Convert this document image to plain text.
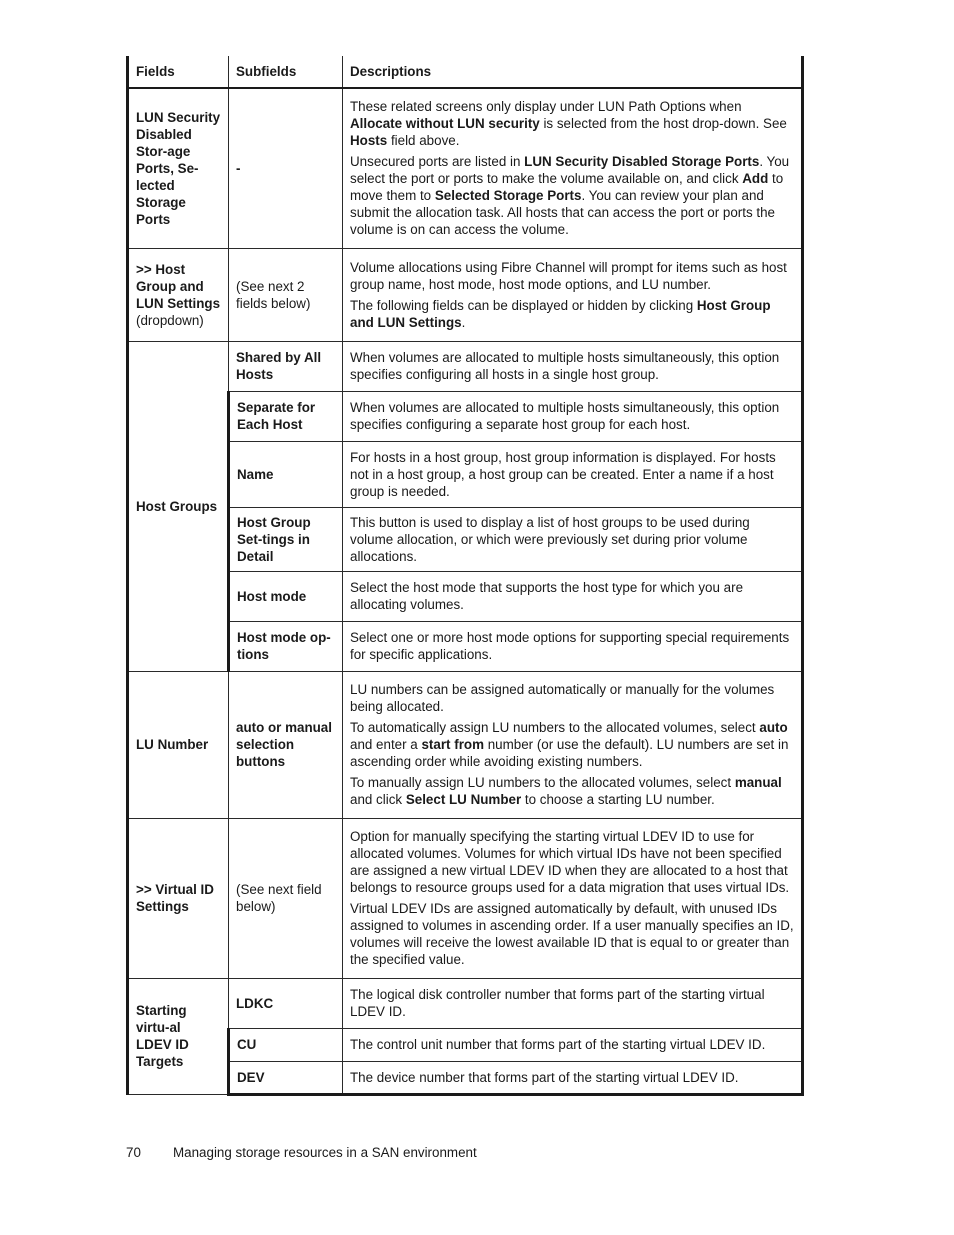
Fields	Subfields	Descriptions
LUN Security Disabled Stor-age Ports, Se-lected Storage Ports	-	These related screens only display under LUN Path Options when Allocate without LUN security is selected from the host drop-down. See Hosts field above.

Unsecured ports are listed in LUN Security Disabled Storage Ports. You select the port or ports to make the volume available on, and click Add to move them to Selected Storage Ports. You can review your plan and submit the allocation task. All hosts that can access the port or ports the volume is on can access the volume.

>> Host Group and LUN Settings (dropdown)	(See next 2 fields below)	Volume allocations using Fibre Channel will prompt for items such as host group name, host mode, host mode options, and LU number.

The following fields can be displayed or hidden by clicking Host Group and LUN Settings.

Host Groups	Shared by All Hosts	When volumes are allocated to multiple hosts simultaneously, this option specifies configuring all hosts in a single host group.
	Separate for Each Host	When volumes are allocated to multiple hosts simultaneously, this option specifies configuring a separate host group for each host.
	Name	For hosts in a host group, host group information is displayed. For hosts not in a host group, a host group can be created. Enter a name if a host group is needed.
	Host Group Set-tings in Detail	This button is used to display a list of host groups to be used during volume allocation, or which were previously set during prior volume allocations.
	Host mode	Select the host mode that supports the host type for which you are allocating volumes.
	Host mode op-tions	Select one or more host mode options for supporting special requirements for specific applications.
LU Number	auto or manual selection buttons	LU numbers can be assigned automatically or manually for the volumes being allocated.

To automatically assign LU numbers to the allocated volumes, select auto and enter a start from number (or use the default). LU numbers are set in ascending order while avoiding existing numbers.

To manually assign LU numbers to the allocated volumes, select manual and click Select LU Number to choose a starting LU number.

>> Virtual ID Settings	(See next field below)	Option for manually specifying the starting virtual LDEV ID to use for allocated volumes. Volumes for which virtual IDs have not been specified are assigned a new virtual LDEV ID when they are allocated to a host that belongs to resource groups used for a data migration that uses virtual IDs.

Virtual LDEV IDs are assigned automatically by default, with unused IDs assigned to volumes in ascending order. If a user manually specifies an ID, volumes will receive the lowest available ID that is equal to or greater than the specified value.

Starting virtu-al LDEV ID Targets	LDKC	The logical disk controller number that forms part of the starting virtual LDEV ID.
	CU	The control unit number that forms part of the starting virtual LDEV ID.
	DEV	The device number that forms part of the starting virtual LDEV ID.
70 Managing storage resources in a SAN environment
